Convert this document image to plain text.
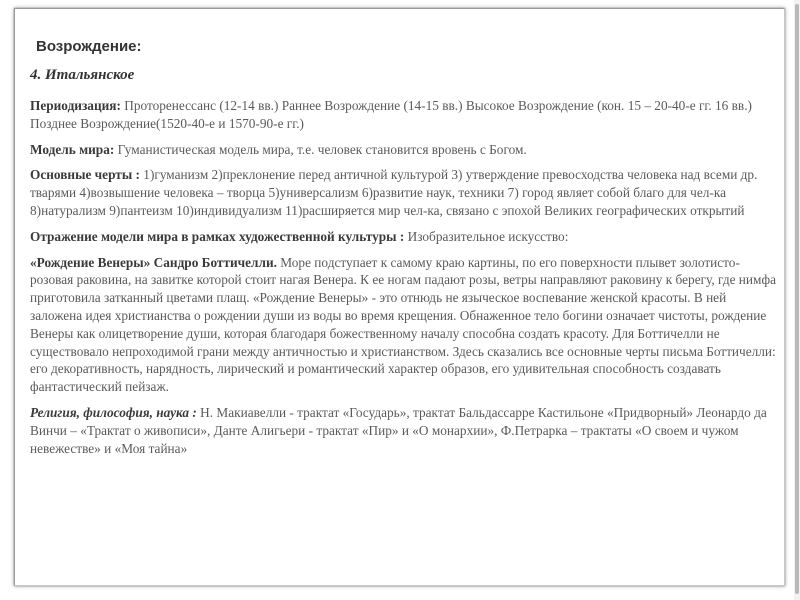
Возрождение:
4. Итальянское

Периодизация: Проторенессанс (12-14 вв.) Раннее Возрождение (14-15 вв.) Высокое Возрождение (кон. 15 – 20-40-е гг. 16 вв.) Позднее Возрождение(1520-40-е и 1570-90-е гг.)

Модель мира: Гуманистическая модель мира, т.е. человек становится вровень с Богом.

Основные черты : 1)гуманизм 2)преклонение перед античной культурой 3) утверждение превосходства человека над всеми др. тварями 4)возвышение человека – творца 5)универсализм 6)развитие наук, техники 7) город являет собой благо для чел-ка 8)натурализм 9)пантеизм 10)индивидуализм 11)расширяется мир чел-ка, связано с эпохой Великих географических открытий

Отражение модели мира в рамках художественной культуры : Изобразительное искусство:

«Рождение Венеры» Сандро Боттичелли. Море подступает к самому краю картины, по его поверхности плывет золотисто-розовая раковина, на завитке которой стоит нагая Венера. К ее ногам падают розы, ветры направляют раковину к берегу, где нимфа приготовила затканный цветами плащ. «Рождение Венеры» - это отнюдь не языческое воспевание женской красоты. В ней заложена идея христианства о рождении души из воды во время крещения. Обнаженное тело богини означает чистоты, рождение Венеры как олицетворение души, которая благодаря божественному началу способна создать красоту. Для Боттичелли не существовало непроходимой грани между античностью и христианством. Здесь сказались все основные черты письма Боттичелли: его декоративность, нарядность, лирический и романтический характер образов, его удивительная способность создавать фантастический пейзаж.

Религия, философия, наука : Н. Макиавелли - трактат «Государь», трактат Бальдассарре Кастильоне «Придворный» Леонардо да Винчи – «Трактат о живописи», Данте Алигьери - трактат «Пир» и «О монархии», Ф.Петрарка – трактаты «О своем и чужом невежестве» и «Моя тайна»
